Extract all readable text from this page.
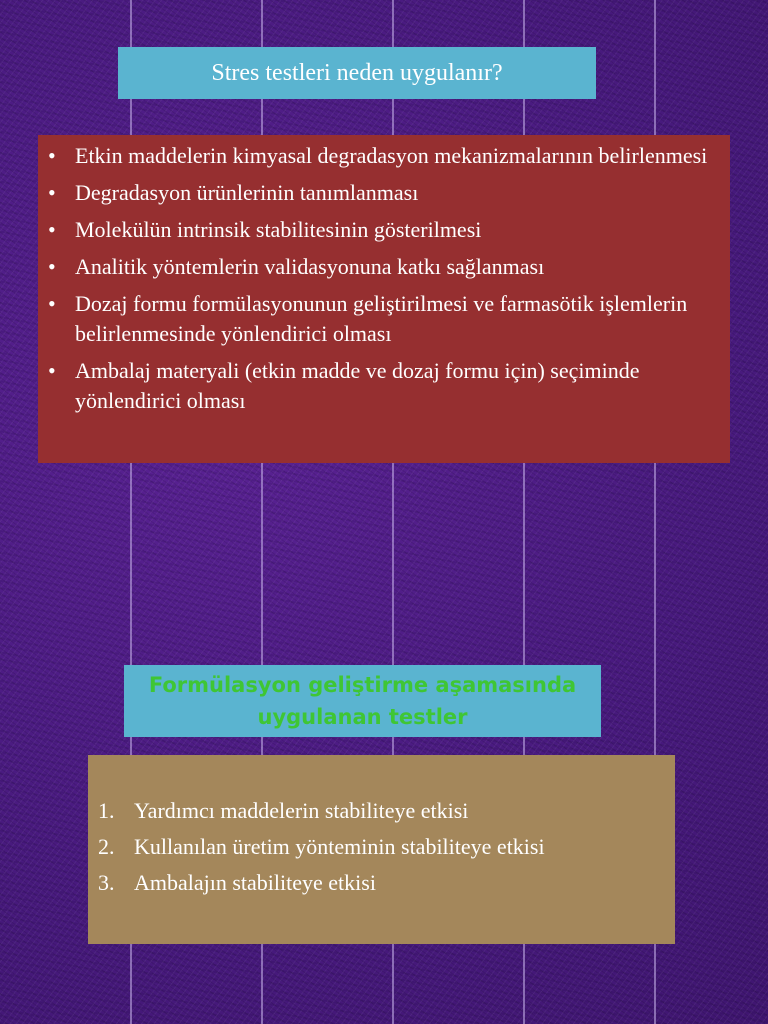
Stres testleri neden uygulanır?
• Etkin maddelerin kimyasal degradasyon mekanizmalarının belirlenmesi
• Degradasyon ürünlerinin tanımlanması
• Molekülün intrinsik stabilitesinin gösterilmesi
• Analitik yöntemlerin validasyonuna katkı sağlanması
• Dozaj formu formülasyonunun geliştirilmesi ve farmasötik işlemlerin belirlenmesinde yönlendirici olması
• Ambalaj materyali (etkin madde ve dozaj formu için) seçiminde yönlendirici olması
Formülasyon geliştirme aşamasında uygulanan testler
1. Yardımcı maddelerin stabiliteye etkisi
2. Kullanılan üretim yönteminin stabiliteye etkisi
3. Ambalajın stabiliteye etkisi
